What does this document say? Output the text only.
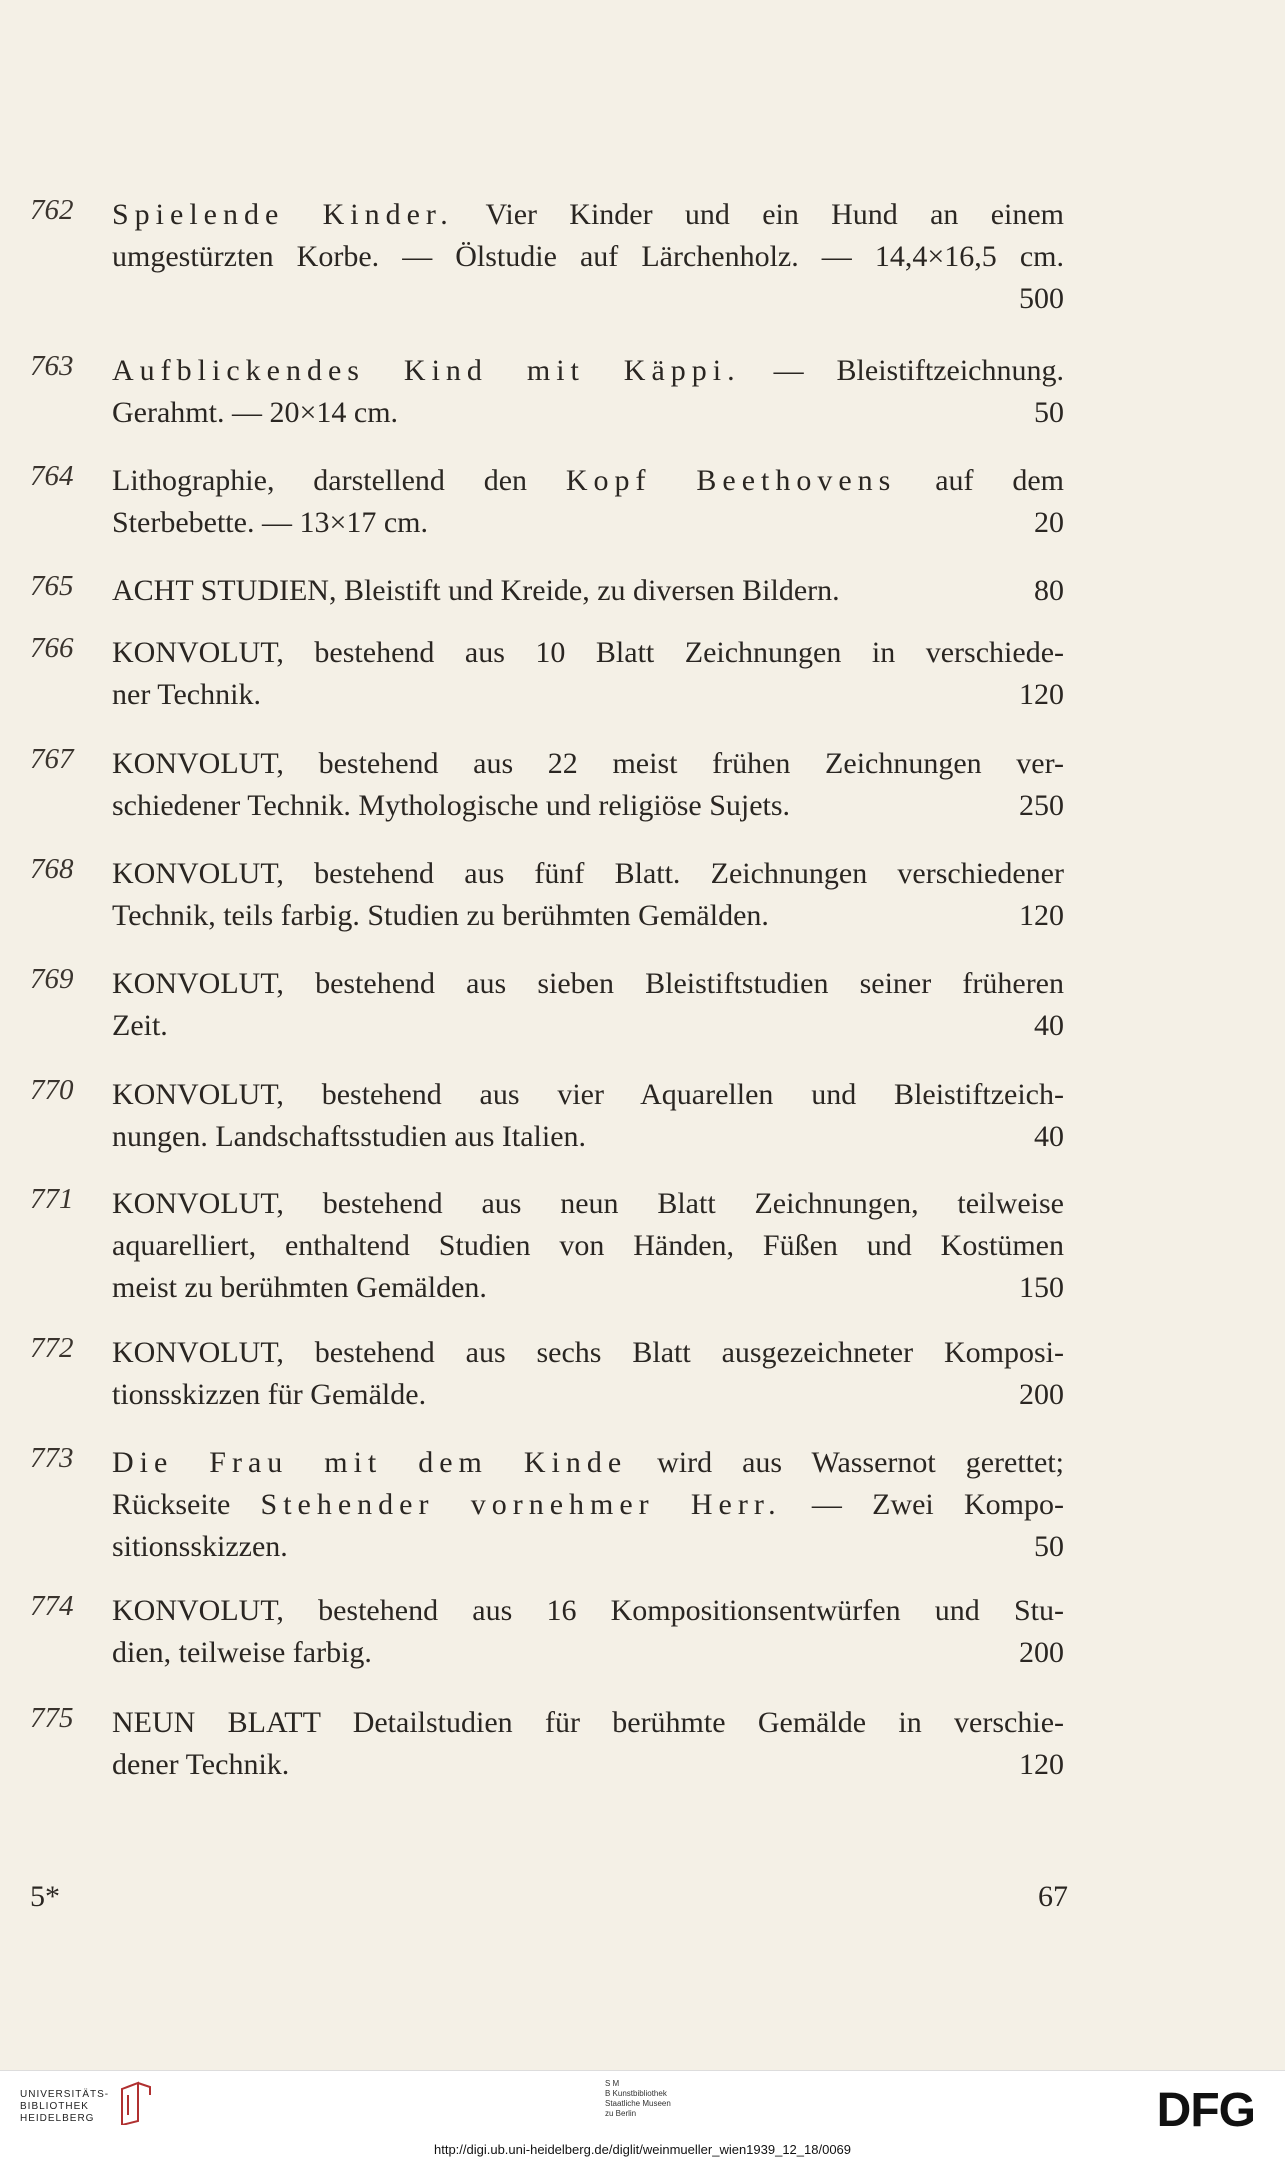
762 Spielende Kinder. Vier Kinder und ein Hund an einem
umgestürzten Korbe. — Ölstudie auf Lärchenholz. — 14,4×16,5 cm.
500
763 Aufblickendes Kind mit Käppi. — Bleistiftzeichnung.
Gerahmt. — 20×14 cm.	50
764 Lithographie, darstellend den Kopf Beethovens auf dem
Sterbebette. — 13×17 cm.	20
765 ACHT STUDIEN, Bleistift und Kreide, zu diversen Bildern.	80
766 KONVOLUT, bestehend aus 10 Blatt Zeichnungen in verschiede-
ner Technik.	120
767 KONVOLUT, bestehend aus 22 meist frühen Zeichnungen ver-
schiedener Technik. Mythologische und religiöse Sujets.	250
768 KONVOLUT, bestehend aus fünf Blatt. Zeichnungen verschiedener
Technik, teils farbig. Studien zu berühmten Gemälden.	120
769 KONVOLUT, bestehend aus sieben Bleistiftstudien seiner früheren
Zeit.	40
770 KONVOLUT, bestehend aus vier Aquarellen und Bleistiftzeich-
nungen. Landschaftsstudien aus Italien.	40
771 KONVOLUT, bestehend aus neun Blatt Zeichnungen, teilweise
aquarelliert, enthaltend Studien von Händen, Füßen und Kostümen
meist zu berühmten Gemälden.	150
772 KONVOLUT, bestehend aus sechs Blatt ausgezeichneter Komposi-
tionsskizzen für Gemälde.	200
773 Die Frau mit dem Kinde wird aus Wassernot gerettet;
Rückseite Stehender vornehmer Herr. — Zwei Kompo-
sitionsskizzen.	50
774 KONVOLUT, bestehend aus 16 Kompositionsentwürfen und Stu-
dien, teilweise farbig.	200
775 NEUN BLATT Detailstudien für berühmte Gemälde in verschie-
dener Technik.	120
5*	67
UNIVERSITÄTS-
BIBLIOTHEK
HEIDELBERG
S M
B Kunstbibliothek
Staatliche Museen
zu Berlin	DFG
http://digi.ub.uni-heidelberg.de/diglit/weinmueller_wien1939_12_18/0069
